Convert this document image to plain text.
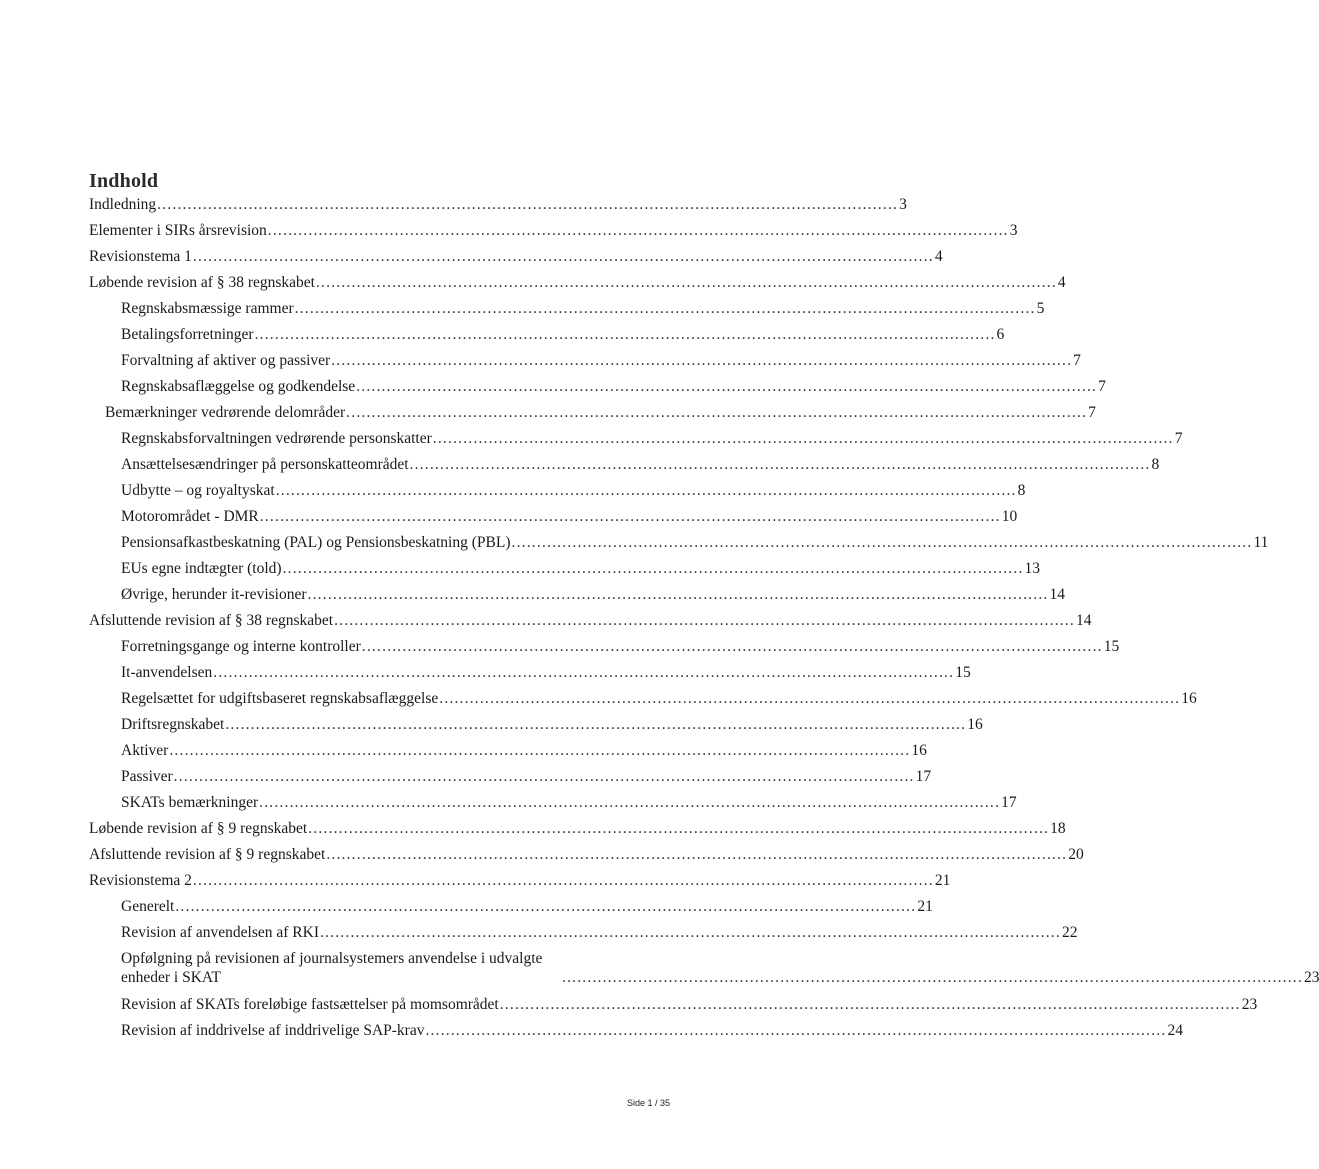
Indhold
Indledning .................................................................................................................................................. 3
Elementer i SIRs årsrevision .................................................................................................................................................. 3
Revisionstema 1 .................................................................................................................................................. 4
Løbende revision af § 38 regnskabet .................................................................................................................................................. 4
Regnskabsmæssige rammer .................................................................................................................................................. 5
Betalingsforretninger .................................................................................................................................................. 6
Forvaltning af aktiver og passiver .................................................................................................................................................. 7
Regnskabsaflæggelse og godkendelse .................................................................................................................................................. 7
Bemærkninger vedrørende delområder .................................................................................................................................................. 7
Regnskabsforvaltningen vedrørende personskatter .................................................................................................................................................. 7
Ansættelsesændringer på personskatteområdet .................................................................................................................................................. 8
Udbytte – og royaltyskat .................................................................................................................................................. 8
Motorområdet - DMR .................................................................................................................................................. 10
Pensionsafkastbeskatning (PAL) og Pensionsbeskatning (PBL) .................................................................................................................................................. 11
EUs egne indtægter (told) .................................................................................................................................................. 13
Øvrige, herunder it-revisioner .................................................................................................................................................. 14
Afsluttende revision af § 38 regnskabet .................................................................................................................................................. 14
Forretningsgange og interne kontroller .................................................................................................................................................. 15
It-anvendelsen .................................................................................................................................................. 15
Regelsættet for udgiftsbaseret regnskabsaflæggelse .................................................................................................................................................. 16
Driftsregnskabet .................................................................................................................................................. 16
Aktiver .................................................................................................................................................. 16
Passiver .................................................................................................................................................. 17
SKATs bemærkninger .................................................................................................................................................. 17
Løbende revision af § 9 regnskabet .................................................................................................................................................. 18
Afsluttende revision af § 9 regnskabet .................................................................................................................................................. 20
Revisionstema 2 .................................................................................................................................................. 21
Generelt .................................................................................................................................................. 21
Revision af anvendelsen af RKI .................................................................................................................................................. 22
Opfølgning på revisionen af journalsystemers anvendelse i udvalgte enheder i SKAT	.................................................................................................................................................. 23
Revision af SKATs foreløbige fastsættelser på momsområdet .................................................................................................................................................. 23
Revision af inddrivelse af inddrivelige SAP-krav .................................................................................................................................................. 24
Side 1 / 35
